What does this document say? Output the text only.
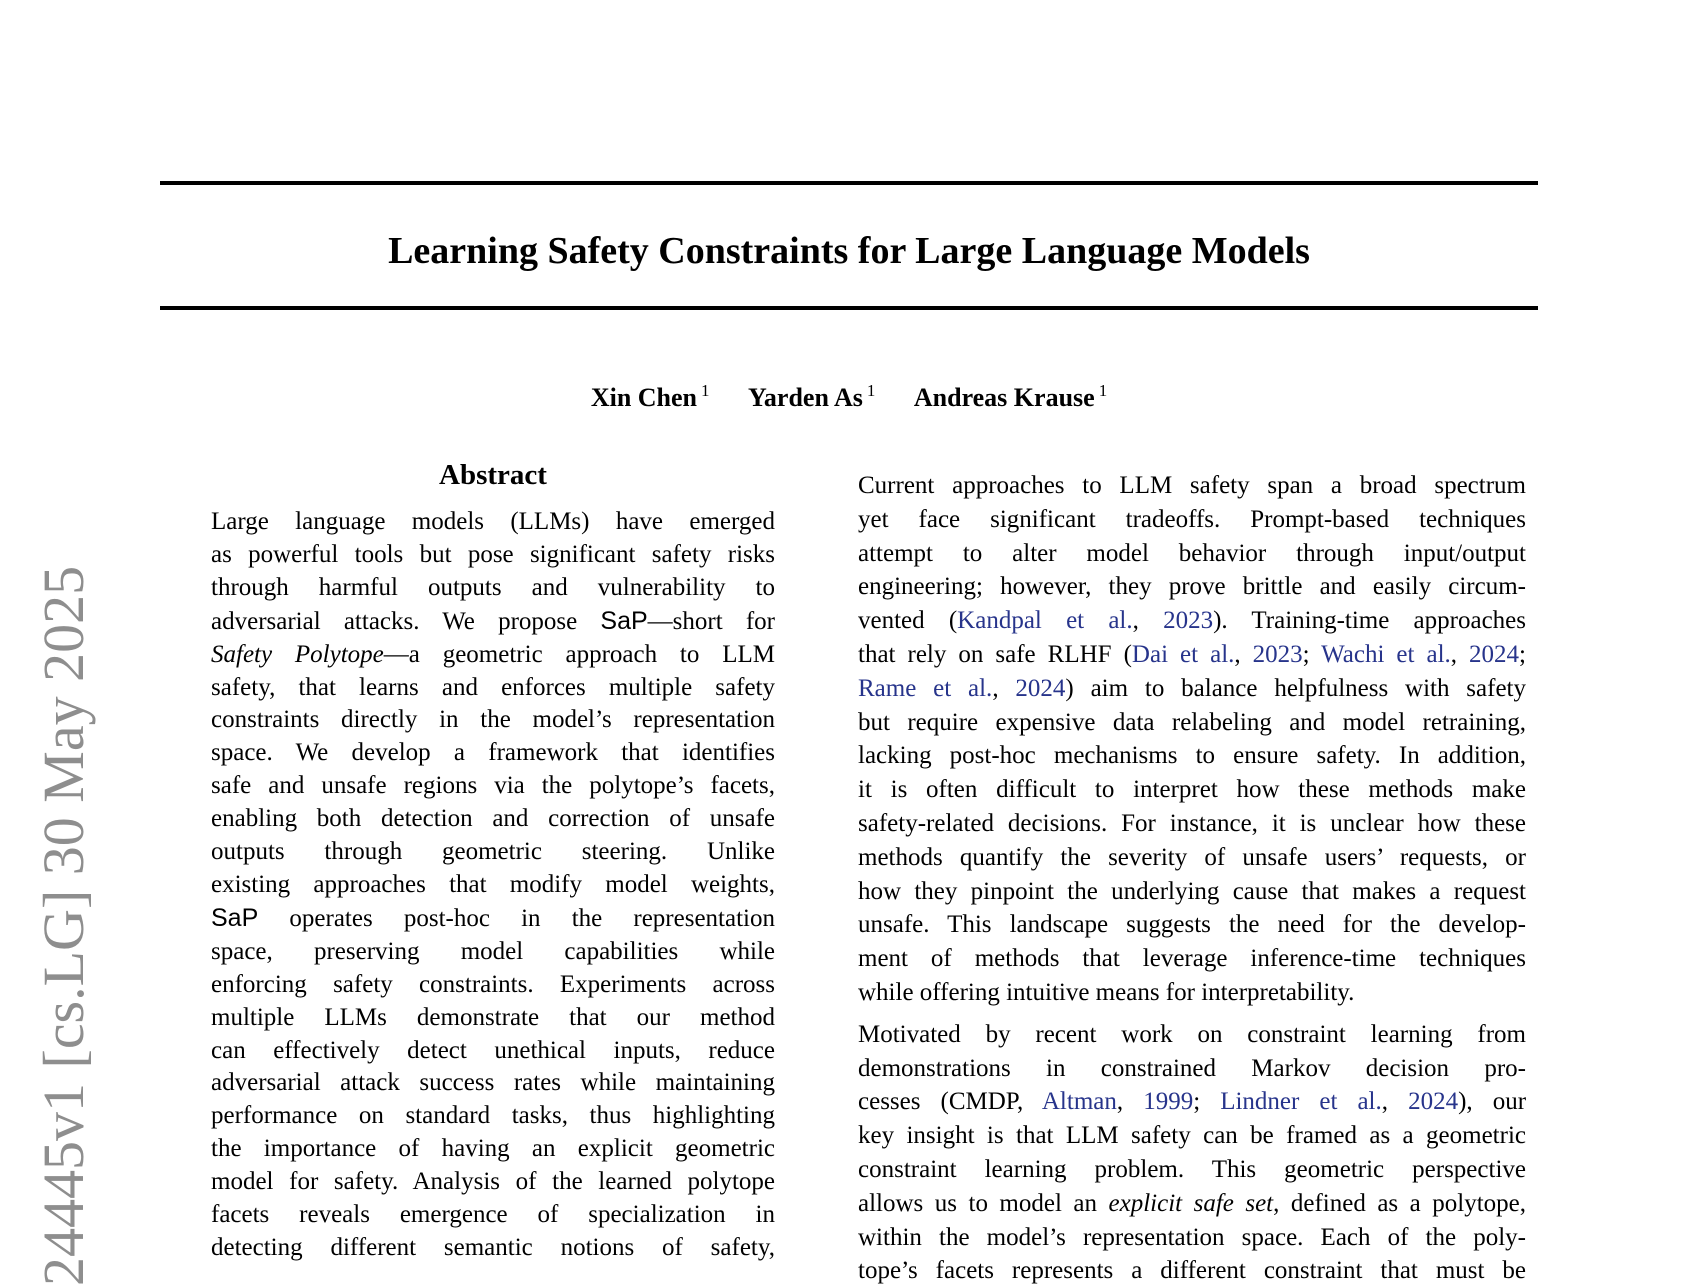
24445v1 [cs.LG] 30 May 2025
Learning Safety Constraints for Large Language Models
Xin Chen $^1$ Yarden As $^1$ Andreas Krause $^1$
Abstract
Large language models (LLMs) have emerged
as powerful tools but pose significant safety risks
through harmful outputs and vulnerability to
adversarial attacks. We propose SaP—short for
Safety Polytope—a geometric approach to LLM
safety, that learns and enforces multiple safety
constraints directly in the model’s representation
space. We develop a framework that identifies
safe and unsafe regions via the polytope’s facets,
enabling both detection and correction of unsafe
outputs through geometric steering. Unlike
existing approaches that modify model weights,
SaP operates post-hoc in the representation
space, preserving model capabilities while
enforcing safety constraints. Experiments across
multiple LLMs demonstrate that our method
can effectively detect unethical inputs, reduce
adversarial attack success rates while maintaining
performance on standard tasks, thus highlighting
the importance of having an explicit geometric
model for safety. Analysis of the learned polytope
facets reveals emergence of specialization in
detecting different semantic notions of safety,
Current approaches to LLM safety span a broad spectrum
yet face significant tradeoffs. Prompt-based techniques
attempt to alter model behavior through input/output
engineering; however, they prove brittle and easily circum-
vented (Kandpal et al., 2023). Training-time approaches
that rely on safe RLHF (Dai et al., 2023; Wachi et al., 2024;
Rame et al., 2024) aim to balance helpfulness with safety
but require expensive data relabeling and model retraining,
lacking post-hoc mechanisms to ensure safety. In addition,
it is often difficult to interpret how these methods make
safety-related decisions. For instance, it is unclear how these
methods quantify the severity of unsafe users’ requests, or
how they pinpoint the underlying cause that makes a request
unsafe. This landscape suggests the need for the develop-
ment of methods that leverage inference-time techniques
while offering intuitive means for interpretability.
Motivated by recent work on constraint learning from
demonstrations in constrained Markov decision pro-
cesses (CMDP, Altman, 1999; Lindner et al., 2024), our
key insight is that LLM safety can be framed as a geometric
constraint learning problem. This geometric perspective
allows us to model an explicit safe set, defined as a polytope,
within the model’s representation space. Each of the poly-
tope’s facets represents a different constraint that must be
